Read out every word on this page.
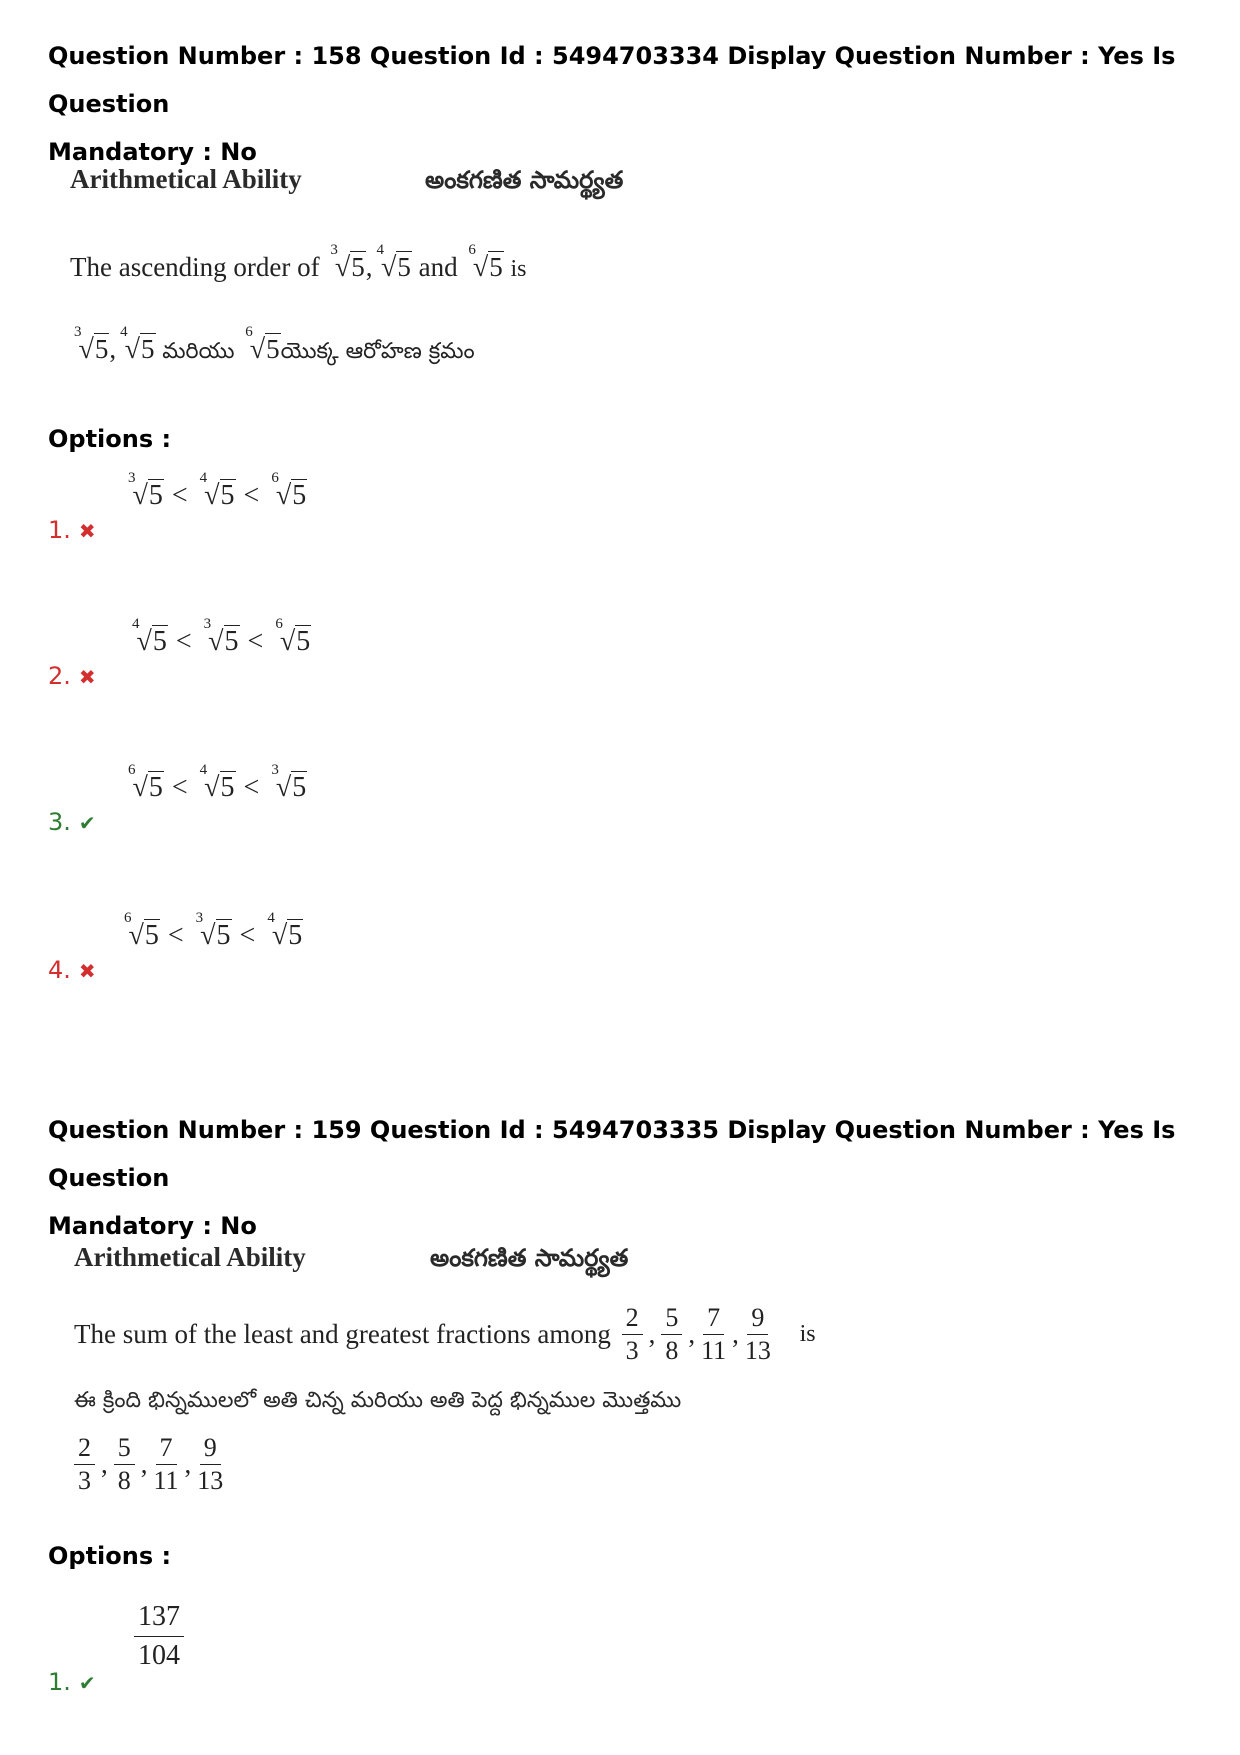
Question Number : 158 Question Id : 5494703334 Display Question Number : Yes Is Question
Mandatory : No
Arithmetical Ability	అంకగణిత సామర్థ్యత
The ascending order of $^3$√5,$^4$√5 and $^6$√5 is
$^3$√5,$^4$√5 మరియు $^6$√5యొక్క ఆరోహణ క్రమం
Options :
$^3$√5 <$^4$√5 <$^6$√5
1. ✖
$^4$√5 <$^3$√5 <$^6$√5
2. ✖
$^6$√5 <$^4$√5 <$^3$√5
3. ✔
$^6$√5 <$^3$√5 <$^4$√5
4. ✖
Question Number : 159 Question Id : 5494703335 Display Question Number : Yes Is Question
Mandatory : No
Arithmetical Ability	అంకగణిత సామర్థ్యత
The sum of the least and greatest fractions among $\frac{2}{3}$ , $\frac{5}{8}$ , $\frac{7}{11}$ , $\frac{9}{13}$ is
ఈ క్రింది భిన్నములలో అతి చిన్న మరియు అతి పెద్ద భిన్నముల మొత్తము
$\frac{2}{3}$ , $\frac{5}{8}$ , $\frac{7}{11}$ , $\frac{9}{13}$
Options :
$\frac{137}{104}$
1. ✔
